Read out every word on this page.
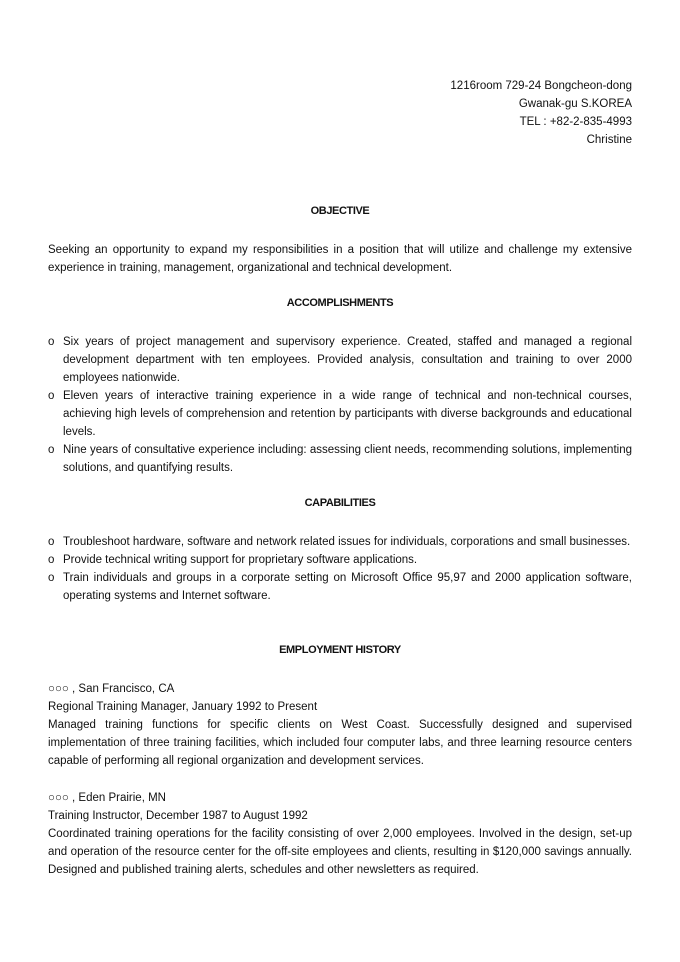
1216room 729-24 Bongcheon-dong
Gwanak-gu S.KOREA
TEL : +82-2-835-4993
Christine
OBJECTIVE
Seeking an opportunity to expand my responsibilities in a position that will utilize and challenge my extensive experience in training, management, organizational and technical development.
ACCOMPLISHMENTS
o Six years of project management and supervisory experience. Created, staffed and managed a regional development department with ten employees. Provided analysis, consultation and training to over 2000 employees nationwide.
o Eleven years of interactive training experience in a wide range of technical and non-technical courses, achieving high levels of comprehension and retention by participants with diverse backgrounds and educational levels.
o Nine years of consultative experience including: assessing client needs, recommending solutions, implementing solutions, and quantifying results.
CAPABILITIES
o Troubleshoot hardware, software and network related issues for individuals, corporations and small businesses.
o Provide technical writing support for proprietary software applications.
o Train individuals and groups in a corporate setting on Microsoft Office 95,97 and 2000 application software, operating systems and Internet software.
EMPLOYMENT HISTORY
○○○ , San Francisco, CA
Regional Training Manager, January 1992 to Present
Managed training functions for specific clients on West Coast. Successfully designed and supervised implementation of three training facilities, which included four computer labs, and three learning resource centers capable of performing all regional organization and development services.
○○○ , Eden Prairie, MN
Training Instructor, December 1987 to August 1992
Coordinated training operations for the facility consisting of over 2,000 employees. Involved in the design, set-up and operation of the resource center for the off-site employees and clients, resulting in $120,000 savings annually. Designed and published training alerts, schedules and other newsletters as required.
